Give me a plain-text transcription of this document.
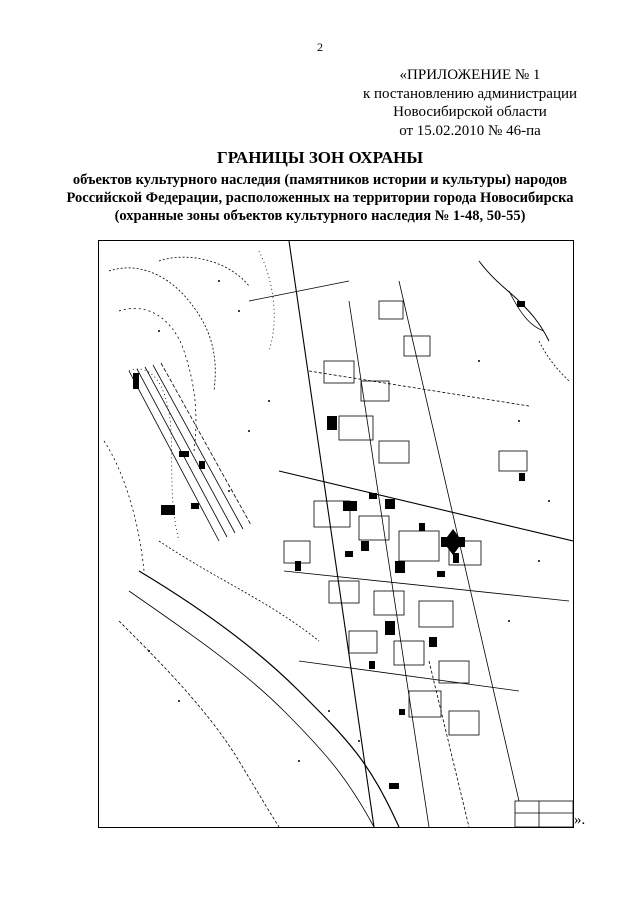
2
«ПРИЛОЖЕНИЕ № 1
к постановлению администрации
Новосибирской области
от 15.02.2010 № 46-па
ГРАНИЦЫ ЗОН ОХРАНЫ
объектов культурного наследия (памятников истории и культуры) народов
Российской Федерации, расположенных на территории города Новосибирска
(охранные зоны объектов культурного наследия № 1-48, 50-55)
».
